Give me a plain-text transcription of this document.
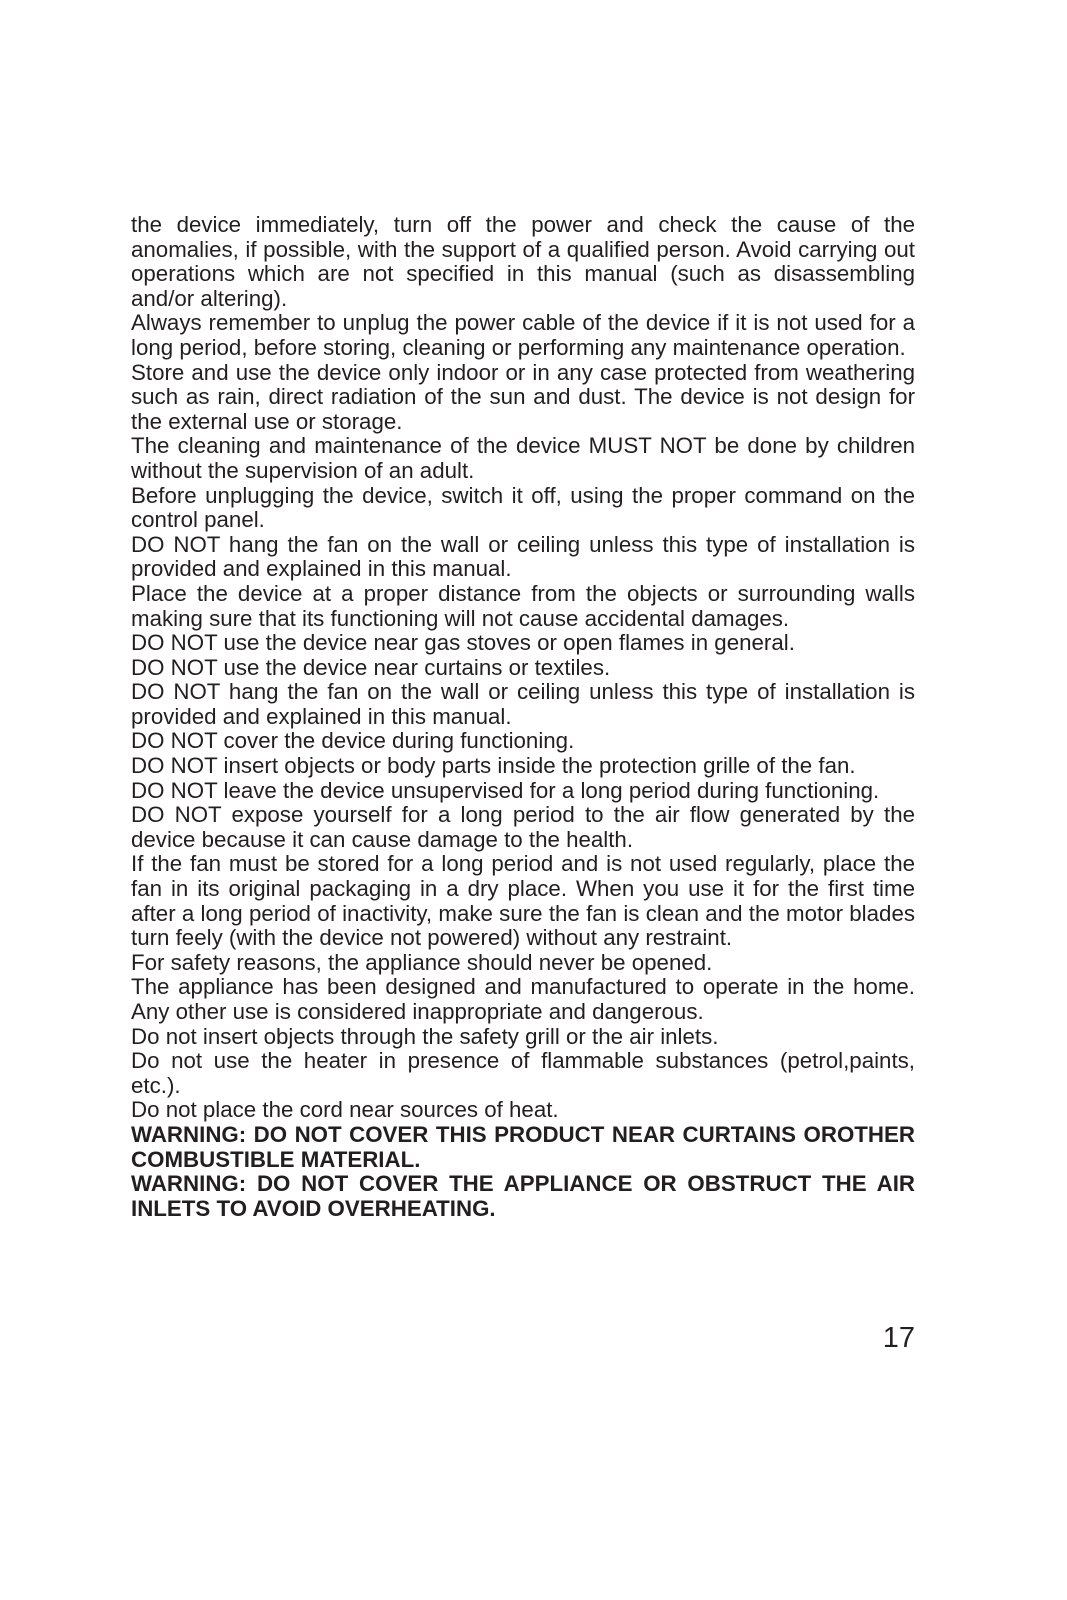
the device immediately, turn off the power and check the cause of the anomalies, if possible, with the support of a qualified person. Avoid carrying out operations which are not specified in this manual (such as disassembling and/or altering).

Always remember to unplug the power cable of the device if it is not used for a long period, before storing, cleaning or performing any maintenance operation.

Store and use the device only indoor or in any case protected from weathering such as rain, direct radiation of the sun and dust. The device is not design for the external use or storage.

The cleaning and maintenance of the device MUST NOT be done by children without the supervision of an adult.

Before unplugging the device, switch it off, using the proper command on the control panel.

DO NOT hang the fan on the wall or ceiling unless this type of installation is provided and explained in this manual.

Place the device at a proper distance from the objects or surrounding walls making sure that its functioning will not cause accidental damages.

DO NOT use the device near gas stoves or open flames in general.

DO NOT use the device near curtains or textiles.

DO NOT hang the fan on the wall or ceiling unless this type of installation is provided and explained in this manual.

DO NOT cover the device during functioning.

DO NOT insert objects or body parts inside the protection grille of the fan.

DO NOT leave the device unsupervised for a long period during functioning.

DO NOT expose yourself for a long period to the air flow generated by the device because it can cause damage to the health.

If the fan must be stored for a long period and is not used regularly, place the fan in its original packaging in a dry place. When you use it for the first time after a long period of inactivity, make sure the fan is clean and the motor blades turn feely (with the device not powered) without any restraint.

For safety reasons, the appliance should never be opened.

The appliance has been designed and manufactured to operate in the home. Any other use is considered inappropriate and dangerous.

Do not insert objects through the safety grill or the air inlets.

Do not use the heater in presence of flammable substances (petrol,paints, etc.).

Do not place the cord near sources of heat.

WARNING: DO NOT COVER THIS PRODUCT NEAR CURTAINS OROTHER COMBUSTIBLE MATERIAL.

WARNING: DO NOT COVER THE APPLIANCE OR OBSTRUCT THE AIR INLETS TO AVOID OVERHEATING.

17
